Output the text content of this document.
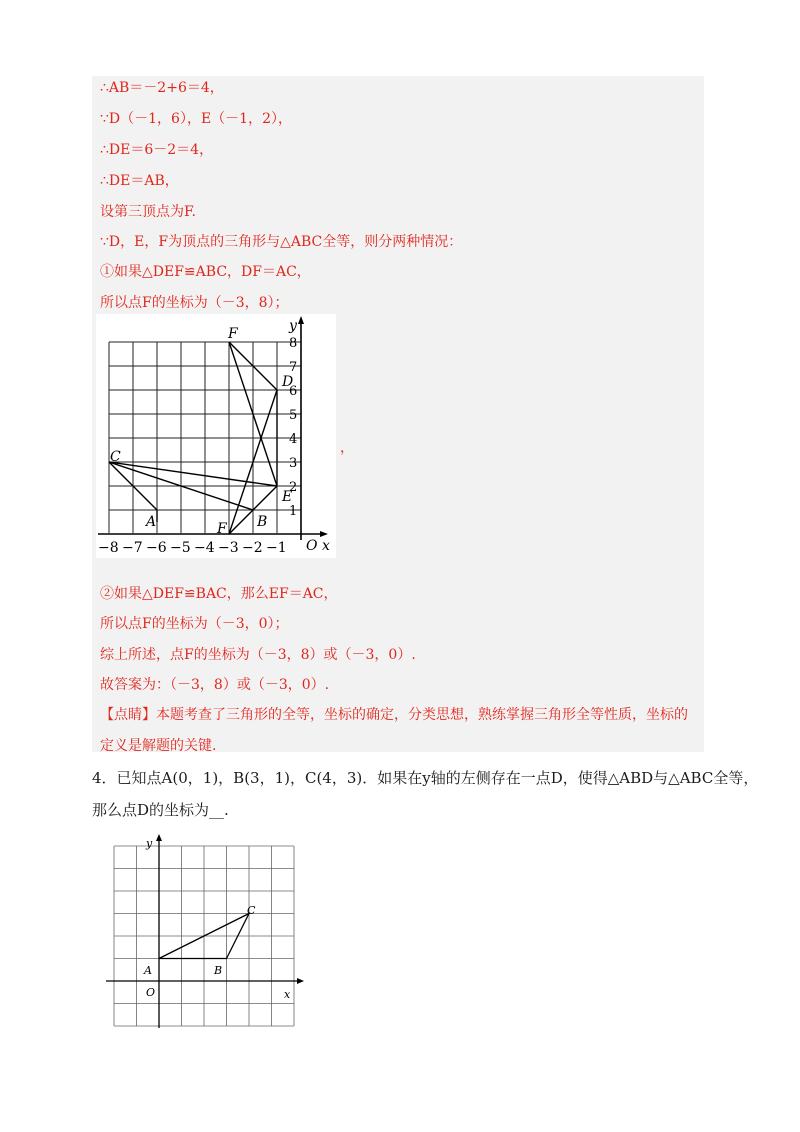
∴AB＝－2+6＝4，
∵D（－1，6），E（－1，2），
∴DE＝6－2＝4，
∴DE＝AB，
设第三顶点为F.
∵D，E，F为顶点的三角形与△ABC全等，则分两种情况：
①如果△DEF≌ABC，DF＝AC，
所以点F的坐标为（－3，8）；
−8 −7 −6 −5 −4 −3 −2 −1
1
2
3
4
5
6
7
8
O x
y
F
D
C
E
A	B
F
，
②如果△DEF≌BAC，那么EF＝AC，
所以点F的坐标为（－3，0）；
综上所述，点F的坐标为（－3，8）或（－3，0）.
故答案为：（－3，8）或（－3，0）.
【点睛】本题考查了三角形的全等，坐标的确定，分类思想，熟练掌握三角形全等性质，坐标的
定义是解题的关键.
4．已知点A(0，1)，B(3，1)，C(4，3)．如果在y轴的左侧存在一点D，使得△ABD与△ABC全等，
那么点D的坐标为__.
y
x
O
A	B
C
